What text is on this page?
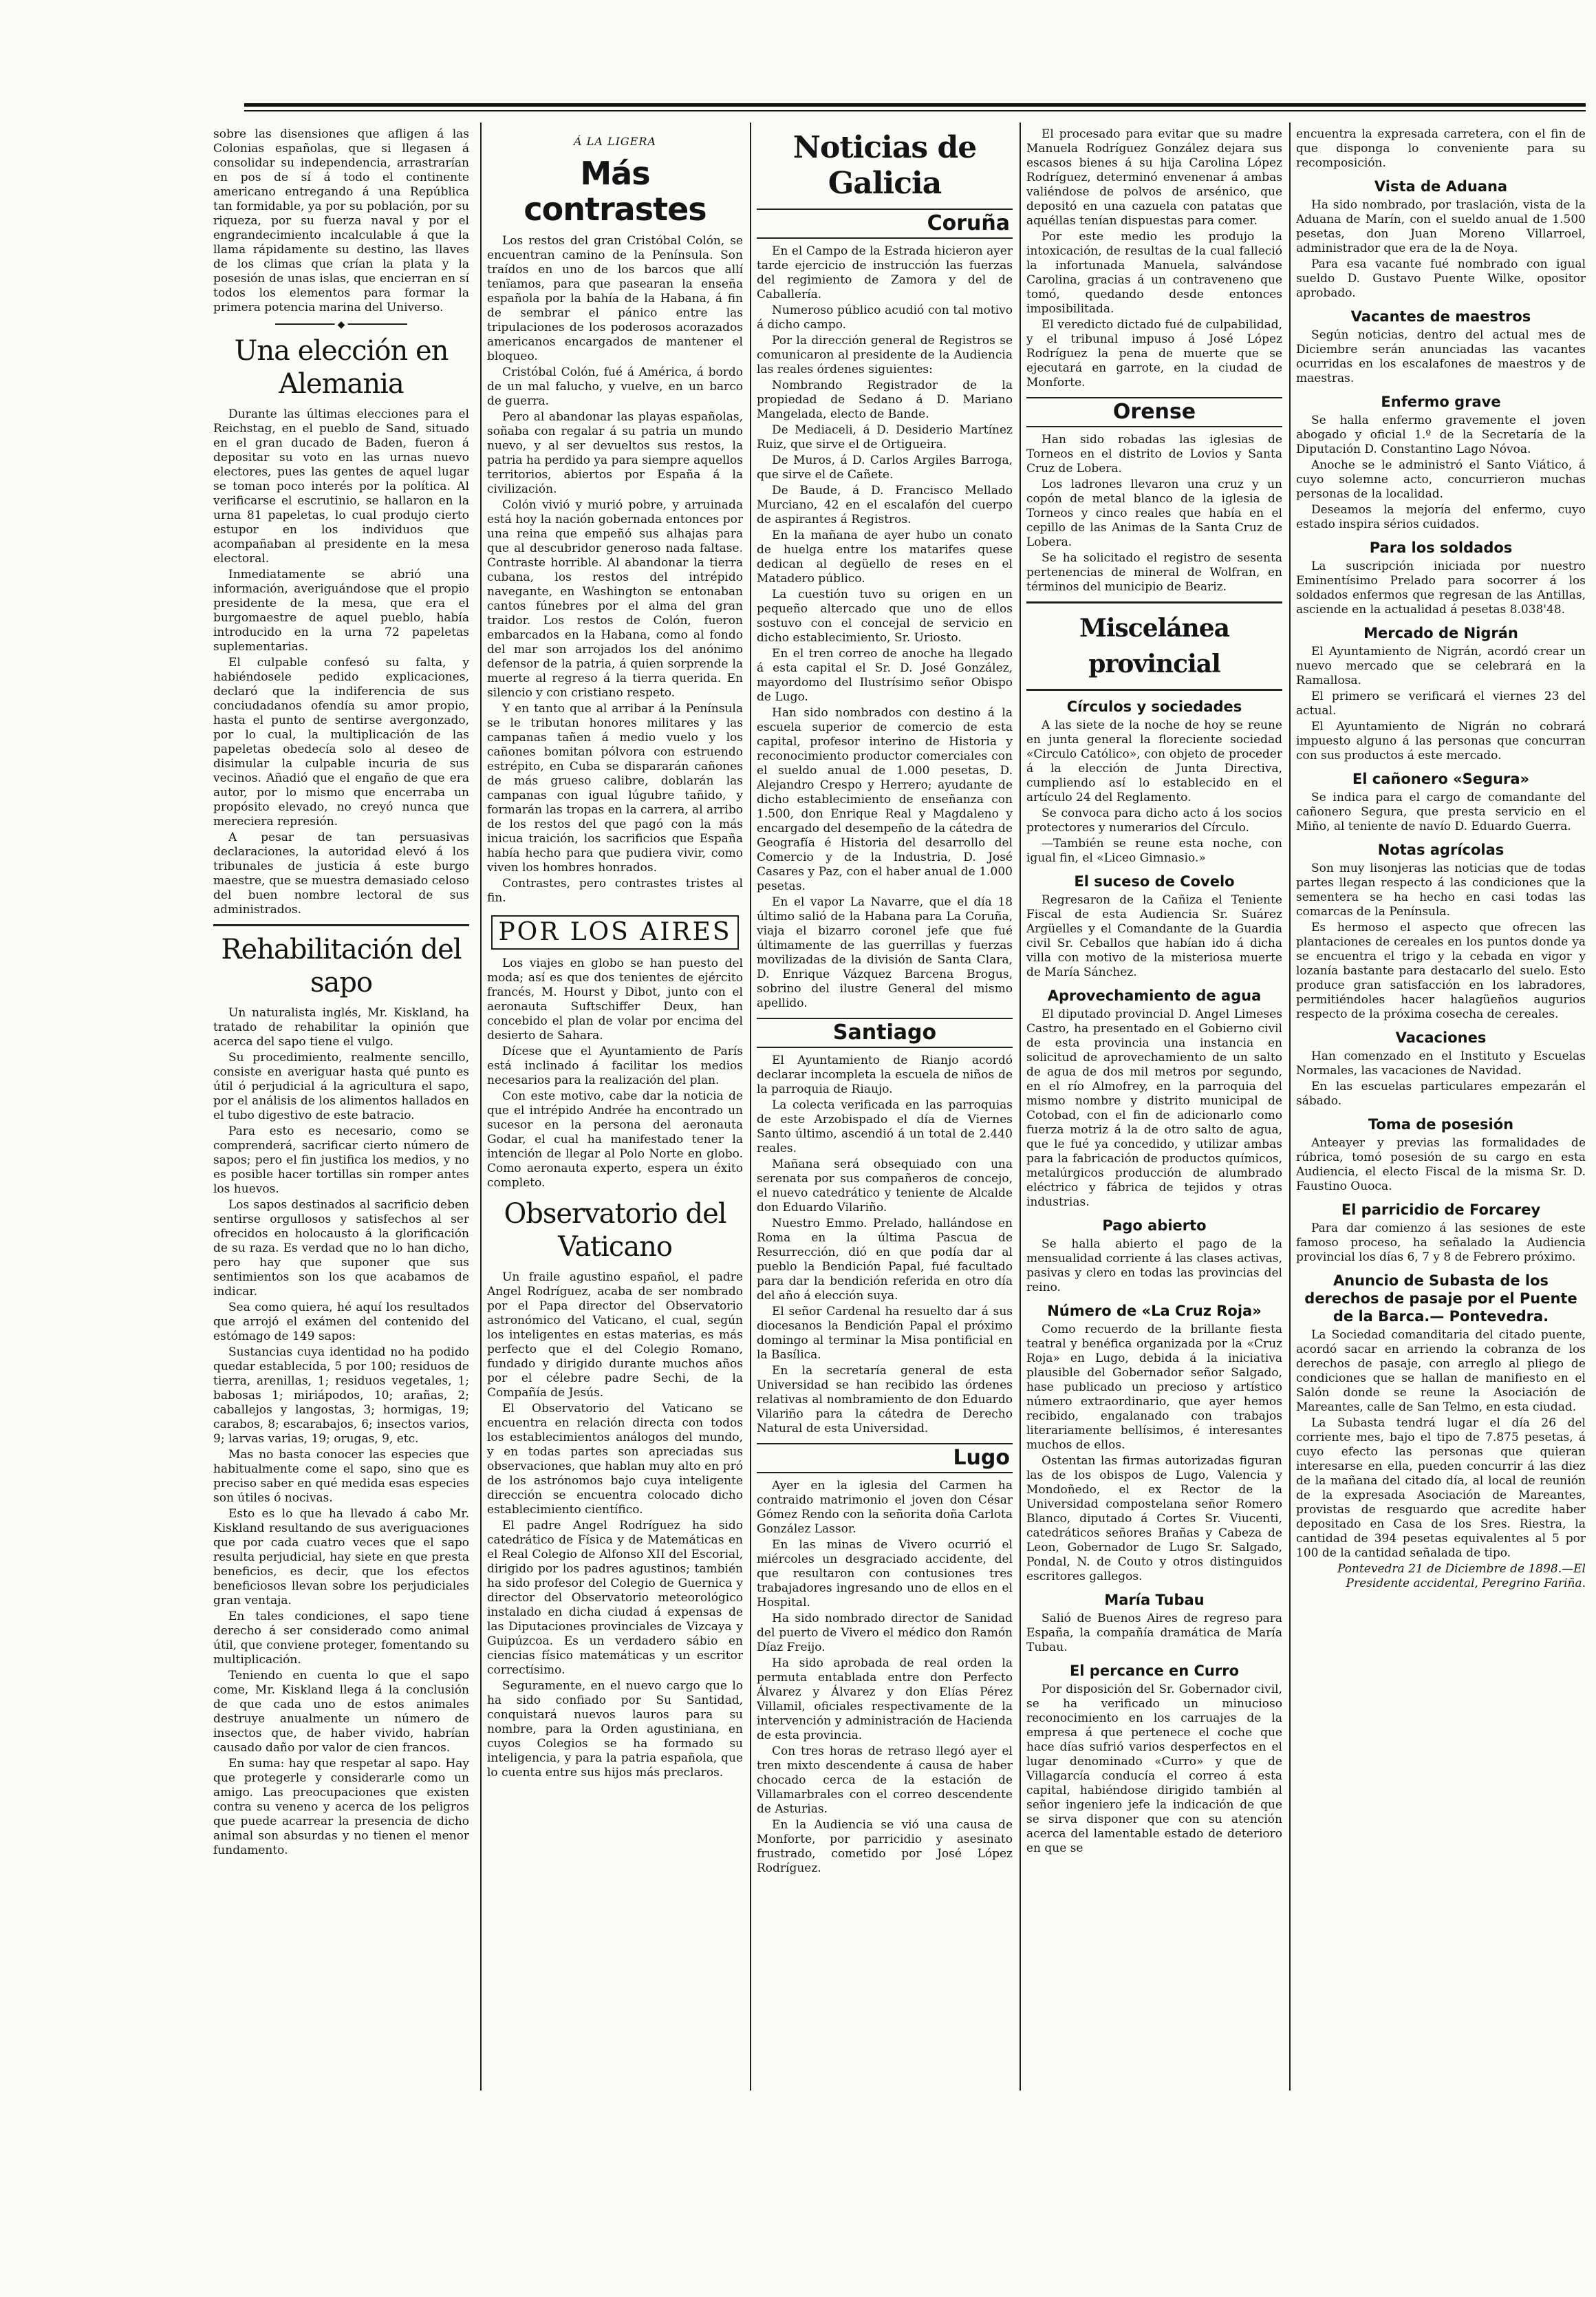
sobre las disensiones que afligen á las Colonias españolas, que si llegasen á consolidar su independencia, arrastrarían en pos de sí á todo el continente americano entregando á una República tan formidable, ya por su población, por su riqueza, por su fuerza naval y por el engrandecimiento incalculable á que la llama rápidamente su destino, las llaves de los climas que crían la plata y la posesión de unas islas, que encierran en sí todos los elementos para formar la primera potencia marina del Universo.

◆
Una elección en Alemania

Durante las últimas elecciones para el Reichstag, en el pueblo de Sand, situado en el gran ducado de Baden, fueron á depositar su voto en las urnas nuevo electores, pues las gentes de aquel lugar se toman poco interés por la política. Al verificarse el escrutinio, se hallaron en la urna 81 papeletas, lo cual produjo cierto estupor en los individuos que acompañaban al presidente en la mesa electoral.

Inmediatamente se abrió una información, averiguándose que el propio presidente de la mesa, que era el burgomaestre de aquel pueblo, había introducido en la urna 72 papeletas suplementarias.

El culpable confesó su falta, y habiéndosele pedido explicaciones, declaró que la indiferencia de sus conciudadanos ofendía su amor propio, hasta el punto de sentirse avergonzado, por lo cual, la multiplicación de las papeletas obedecía solo al deseo de disimular la culpable incuria de sus vecinos. Añadió que el engaño de que era autor, por lo mismo que encerraba un propósito elevado, no creyó nunca que mereciera represión.

A pesar de tan persuasivas declaraciones, la autoridad elevó á los tribunales de justicia á este burgo maestre, que se muestra demasiado celoso del buen nombre lectoral de sus administrados.

Rehabilitación del sapo

Un naturalista inglés, Mr. Kiskland, ha tratado de rehabilitar la opinión que acerca del sapo tiene el vulgo.

Su procedimiento, realmente sencillo, consiste en averiguar hasta qué punto es útil ó perjudicial á la agricultura el sapo, por el análisis de los alimentos hallados en el tubo digestivo de este batracio.

Para esto es necesario, como se comprenderá, sacrificar cierto número de sapos; pero el fin justifica los medios, y no es posible hacer tortillas sin romper antes los huevos.

Los sapos destinados al sacrificio deben sentirse orgullosos y satisfechos al ser ofrecidos en holocausto á la glorificación de su raza. Es verdad que no lo han dicho, pero hay que suponer que sus sentimientos son los que acabamos de indicar.

Sea como quiera, hé aquí los resultados que arrojó el exámen del contenido del estómago de 149 sapos:

Sustancias cuya identidad no ha podido quedar establecida, 5 por 100; residuos de tierra, arenillas, 1; residuos vegetales, 1; babosas 1; miriápodos, 10; arañas, 2; caballejos y langostas, 3; hormigas, 19; carabos, 8; escarabajos, 6; insectos varios, 9; larvas varias, 19; orugas, 9, etc.

Mas no basta conocer las especies que habitualmente come el sapo, sino que es preciso saber en qué medida esas especies son útiles ó nocivas.

Esto es lo que ha llevado á cabo Mr. Kiskland resultando de sus averiguaciones que por cada cuatro veces que el sapo resulta perjudicial, hay siete en que presta beneficios, es decir, que los efectos beneficiosos llevan sobre los perjudiciales gran ventaja.

En tales condiciones, el sapo tiene derecho á ser considerado como animal útil, que conviene proteger, fomentando su multiplicación.

Teniendo en cuenta lo que el sapo come, Mr. Kiskland llega á la conclusión de que cada uno de estos animales destruye anualmente un número de insectos que, de haber vivido, habrían causado daño por valor de cien francos.

En suma: hay que respetar al sapo. Hay que protegerle y considerarle como un amigo. Las preocupaciones que existen contra su veneno y acerca de los peligros que puede acarrear la presencia de dicho animal son absurdas y no tienen el menor fundamento.

Á LA LIGERA
Más contrastes

Los restos del gran Cristóbal Colón, se encuentran camino de la Península. Son traídos en uno de los barcos que allí tenïamos, para que pasearan la enseña española por la bahía de la Habana, á fin de sembrar el pánico entre las tripulaciones de los poderosos acorazados americanos encargados de mantener el bloqueo.

Cristóbal Colón, fué á América, á bordo de un mal falucho, y vuelve, en un barco de guerra.

Pero al abandonar las playas españolas, soñaba con regalar á su patria un mundo nuevo, y al ser devueltos sus restos, la patria ha perdido ya para siempre aquellos territorios, abiertos por España á la civilización.

Colón vivió y murió pobre, y arruinada está hoy la nación gobernada entonces por una reina que empeñó sus alhajas para que al descubridor generoso nada faltase. Contraste horrible. Al abandonar la tierra cubana, los restos del intrépido navegante, en Washington se entonaban cantos fúnebres por el alma del gran traidor. Los restos de Colón, fueron embarcados en la Habana, como al fondo del mar son arrojados los del anónimo defensor de la patria, á quien sorprende la muerte al regreso á la tierra querida. En silencio y con cristiano respeto.

Y en tanto que al arribar á la Península se le tributan honores militares y las campanas tañen á medio vuelo y los cañones bomitan pólvora con estruendo estrépito, en Cuba se dispararán cañones de más grueso calibre, doblarán las campanas con igual lúgubre tañido, y formarán las tropas en la carrera, al arribo de los restos del que pagó con la más inicua traición, los sacrificios que España había hecho para que pudiera vivir, como viven los hombres honrados.

Contrastes, pero contrastes tristes al fin.

POR LOS AIRES

Los viajes en globo se han puesto del moda; así es que dos tenientes de ejército francés, M. Hourst y Dibot, junto con el aeronauta Suftschiffer Deux, han concebido el plan de volar por encima del desierto de Sahara.

Dícese que el Ayuntamiento de París está inclinado á facilitar los medios necesarios para la realización del plan.

Con este motivo, cabe dar la noticia de que el intrépido Andrée ha encontrado un sucesor en la persona del aeronauta Godar, el cual ha manifestado tener la intención de llegar al Polo Norte en globo. Como aeronauta experto, espera un éxito completo.

Observatorio del Vaticano

Un fraile agustino español, el padre Angel Rodríguez, acaba de ser nombrado por el Papa director del Observatorio astronómico del Vaticano, el cual, según los inteligentes en estas materias, es más perfecto que el del Colegio Romano, fundado y dirigido durante muchos años por el célebre padre Sechi, de la Compañía de Jesús.

El Observatorio del Vaticano se encuentra en relación directa con todos los establecimientos análogos del mundo, y en todas partes son apreciadas sus observaciones, que hablan muy alto en pró de los astrónomos bajo cuya inteligente dirección se encuentra colocado dicho establecimiento científico.

El padre Angel Rodríguez ha sido catedrático de Física y de Matemáticas en el Real Colegio de Alfonso XII del Escorial, dirigido por los padres agustinos; también ha sido profesor del Colegio de Guernica y director del Observatorio meteorológico instalado en dicha ciudad á expensas de las Diputaciones provinciales de Vizcaya y Guipúzcoa. Es un verdadero sábio en ciencias físico matemáticas y un escritor correctísimo.

Seguramente, en el nuevo cargo que lo ha sido confiado por Su Santidad, conquistará nuevos lauros para su nombre, para la Orden agustiniana, en cuyos Colegios se ha formado su inteligencia, y para la patria española, que lo cuenta entre sus hijos más preclaros.

Noticias de Galicia
Coruña

En el Campo de la Estrada hicieron ayer tarde ejercicio de instrucción las fuerzas del regimiento de Zamora y del de Caballería.

Numeroso público acudió con tal motivo á dicho campo.

Por la dirección general de Registros se comunicaron al presidente de la Audiencia las reales órdenes siguientes:

Nombrando Registrador de la propiedad de Sedano á D. Mariano Mangelada, electo de Bande.

De Mediaceli, á D. Desiderio Martínez Ruiz, que sirve el de Ortigueira.

De Muros, á D. Carlos Argiles Barroga, que sirve el de Cañete.

De Baude, á D. Francisco Mellado Murciano, 42 en el escalafón del cuerpo de aspirantes á Registros.

En la mañana de ayer hubo un conato de huelga entre los matarifes quese dedican al degüello de reses en el Matadero público.

La cuestión tuvo su origen en un pequeño altercado que uno de ellos sostuvo con el concejal de servicio en dicho establecimiento, Sr. Uriosto.

En el tren correo de anoche ha llegado á esta capital el Sr. D. José González, mayordomo del Ilustrísimo señor Obispo de Lugo.

Han sido nombrados con destino á la escuela superior de comercio de esta capital, profesor interino de Historia y reconocimiento productor comerciales con el sueldo anual de 1.000 pesetas, D. Alejandro Crespo y Herrero; ayudante de dicho establecimiento de enseñanza con 1.500, don Enrique Real y Magdaleno y encargado del desempeño de la cátedra de Geografía é Historia del desarrollo del Comercio y de la Industria, D. José Casares y Paz, con el haber anual de 1.000 pesetas.

En el vapor La Navarre, que el día 18 último salió de la Habana para La Coruña, viaja el bizarro coronel jefe que fué últimamente de las guerrillas y fuerzas movilizadas de la división de Santa Clara, D. Enrique Vázquez Barcena Brogus, sobrino del ilustre General del mismo apellido.

Santiago

El Ayuntamiento de Rianjo acordó declarar incompleta la escuela de niños de la parroquia de Riaujo.

La colecta verificada en las parroquias de este Arzobispado el día de Viernes Santo último, ascendió á un total de 2.440 reales.

Mañana será obsequiado con una serenata por sus compañeros de concejo, el nuevo catedrático y teniente de Alcalde don Eduardo Vilariño.

Nuestro Emmo. Prelado, hallándose en Roma en la última Pascua de Resurrección, dió en que podía dar al pueblo la Bendición Papal, fué facultado para dar la bendición referida en otro día del año á elección suya.

El señor Cardenal ha resuelto dar á sus diocesanos la Bendición Papal el próximo domingo al terminar la Misa pontificial en la Basílica.

En la secretaría general de esta Universidad se han recibido las órdenes relativas al nombramiento de don Eduardo Vilariño para la cátedra de Derecho Natural de esta Universidad.

Lugo

Ayer en la iglesia del Carmen ha contraido matrimonio el joven don César Gómez Rendo con la señorita doña Carlota González Lassor.

En las minas de Vivero ocurrió el miércoles un desgraciado accidente, del que resultaron con contusiones tres trabajadores ingresando uno de ellos en el Hospital.

Ha sido nombrado director de Sanidad del puerto de Vivero el médico don Ramón Díaz Freijo.

Ha sido aprobada de real orden la permuta entablada entre don Perfecto Álvarez y Álvarez y don Elías Pérez Villamil, oficiales respectivamente de la intervención y administración de Hacienda de esta provincia.

Con tres horas de retraso llegó ayer el tren mixto descendente á causa de haber chocado cerca de la estación de Villamarbrales con el correo descendente de Asturias.

En la Audiencia se vió una causa de Monforte, por parricidio y asesinato frustrado, cometido por José López Rodríguez.

El procesado para evitar que su madre Manuela Rodríguez González dejara sus escasos bienes á su hija Carolina López Rodríguez, determinó envenenar á ambas valiéndose de polvos de arsénico, que depositó en una cazuela con patatas que aquéllas tenían dispuestas para comer.

Por este medio les produjo la intoxicación, de resultas de la cual falleció la infortunada Manuela, salvándose Carolina, gracias á un contraveneno que tomó, quedando desde entonces imposibilitada.

El veredicto dictado fué de culpabilidad, y el tribunal impuso á José López Rodríguez la pena de muerte que se ejecutará en garrote, en la ciudad de Monforte.

Orense

Han sido robadas las iglesias de Torneos en el distrito de Lovios y Santa Cruz de Lobera.

Los ladrones llevaron una cruz y un copón de metal blanco de la iglesia de Torneos y cinco reales que había en el cepillo de las Animas de la Santa Cruz de Lobera.

Se ha solicitado el registro de sesenta pertenencias de mineral de Wolfran, en términos del municipio de Beariz.

Miscelánea provincial
Círculos y sociedades

A las siete de la noche de hoy se reune en junta general la floreciente sociedad «Circulo Católico», con objeto de proceder á la elección de Junta Directiva, cumpliendo así lo establecido en el artículo 24 del Reglamento.

Se convoca para dicho acto á los socios protectores y numerarios del Círculo.

—También se reune esta noche, con igual fin, el «Liceo Gimnasio.»

El suceso de Covelo

Regresaron de la Cañiza el Teniente Fiscal de esta Audiencia Sr. Suárez Argüelles y el Comandante de la Guardia civil Sr. Ceballos que habían ido á dicha villa con motivo de la misteriosa muerte de María Sánchez.

Aprovechamiento de agua

El diputado provincial D. Angel Limeses Castro, ha presentado en el Gobierno civil de esta provincia una instancia en solicitud de aprovechamiento de un salto de agua de dos mil metros por segundo, en el río Almofrey, en la parroquia del mismo nombre y distrito municipal de Cotobad, con el fin de adicionarlo como fuerza motriz á la de otro salto de agua, que le fué ya concedido, y utilizar ambas para la fabricación de productos químicos, metalúrgicos producción de alumbrado eléctrico y fábrica de tejidos y otras industrias.

Pago abierto

Se halla abierto el pago de la mensualidad corriente á las clases activas, pasivas y clero en todas las provincias del reino.

Número de «La Cruz Roja»

Como recuerdo de la brillante fiesta teatral y benéfica organizada por la «Cruz Roja» en Lugo, debida á la iniciativa plausible del Gobernador señor Salgado, hase publicado un precioso y artístico número extraordinario, que ayer hemos recibido, engalanado con trabajos literariamente bellísimos, é interesantes muchos de ellos.

Ostentan las firmas autorizadas figuran las de los obispos de Lugo, Valencia y Mondoñedo, el ex Rector de la Universidad compostelana señor Romero Blanco, diputado á Cortes Sr. Viucenti, catedráticos señores Brañas y Cabeza de Leon, Gobernador de Lugo Sr. Salgado, Pondal, N. de Couto y otros distinguidos escritores gallegos.

María Tubau

Salió de Buenos Aires de regreso para España, la compañía dramática de María Tubau.

El percance en Curro

Por disposición del Sr. Gobernador civil, se ha verificado un minucioso reconocimiento en los carruajes de la empresa á que pertenece el coche que hace días sufrió varios desperfectos en el lugar denominado «Curro» y que de Villagarcía conducía el correo á esta capital, habiéndose dirigido también al señor ingeniero jefe la indicación de que se sirva disponer que con su atención acerca del lamentable estado de deterioro en que se

encuentra la expresada carretera, con el fin de que disponga lo conveniente para su recomposición.

Vista de Aduana

Ha sido nombrado, por traslación, vista de la Aduana de Marín, con el sueldo anual de 1.500 pesetas, don Juan Moreno Villarroel, administrador que era de la de Noya.

Para esa vacante fué nombrado con igual sueldo D. Gustavo Puente Wilke, opositor aprobado.

Vacantes de maestros

Según noticias, dentro del actual mes de Diciembre serán anunciadas las vacantes ocurridas en los escalafones de maestros y de maestras.

Enfermo grave

Se halla enfermo gravemente el joven abogado y oficial 1.º de la Secretaría de la Diputación D. Constantino Lago Nóvoa.

Anoche se le administró el Santo Viático, á cuyo solemne acto, concurrieron muchas personas de la localidad.

Deseamos la mejoría del enfermo, cuyo estado inspira sérios cuidados.

Para los soldados

La suscripción iniciada por nuestro Eminentísimo Prelado para socorrer á los soldados enfermos que regresan de las Antillas, asciende en la actualidad á pesetas 8.038'48.

Mercado de Nigrán

El Ayuntamiento de Nigrán, acordó crear un nuevo mercado que se celebrará en la Ramallosa.

El primero se verificará el viernes 23 del actual.

El Ayuntamiento de Nigrán no cobrará impuesto alguno á las personas que concurran con sus productos á este mercado.

El cañonero «Segura»

Se indica para el cargo de comandante del cañonero Segura, que presta servicio en el Miño, al teniente de navío D. Eduardo Guerra.

Notas agrícolas

Son muy lisonjeras las noticias que de todas partes llegan respecto á las condiciones que la sementera se ha hecho en casi todas las comarcas de la Península.

Es hermoso el aspecto que ofrecen las plantaciones de cereales en los puntos donde ya se encuentra el trigo y la cebada en vigor y lozanía bastante para destacarlo del suelo. Esto produce gran satisfacción en los labradores, permitiéndoles hacer halagüeños augurios respecto de la próxima cosecha de cereales.

Vacaciones

Han comenzado en el Instituto y Escuelas Normales, las vacaciones de Navidad.

En las escuelas particulares empezarán el sábado.

Toma de posesión

Anteayer y previas las formalidades de rúbrica, tomó posesión de su cargo en esta Audiencia, el electo Fiscal de la misma Sr. D. Faustino Ouoca.

El parricidio de Forcarey

Para dar comienzo á las sesiones de este famoso proceso, ha señalado la Audiencia provincial los días 6, 7 y 8 de Febrero próximo.

Anuncio de Subasta de los derechos de pasaje por el Puente de la Barca.— Pontevedra.

La Sociedad comanditaria del citado puente, acordó sacar en arriendo la cobranza de los derechos de pasaje, con arreglo al pliego de condiciones que se hallan de manifiesto en el Salón donde se reune la Asociación de Mareantes, calle de San Telmo, en esta ciudad.

La Subasta tendrá lugar el día 26 del corriente mes, bajo el tipo de 7.875 pesetas, á cuyo efecto las personas que quieran interesarse en ella, pueden concurrir á las diez de la mañana del citado día, al local de reunión de la expresada Asociación de Mareantes, provistas de resguardo que acredite haber depositado en Casa de los Sres. Riestra, la cantidad de 394 pesetas equivalentes al 5 por 100 de la cantidad señalada de tipo.

Pontevedra 21 de Diciembre de 1898.—El Presidente accidental, Peregrino Fariña.
